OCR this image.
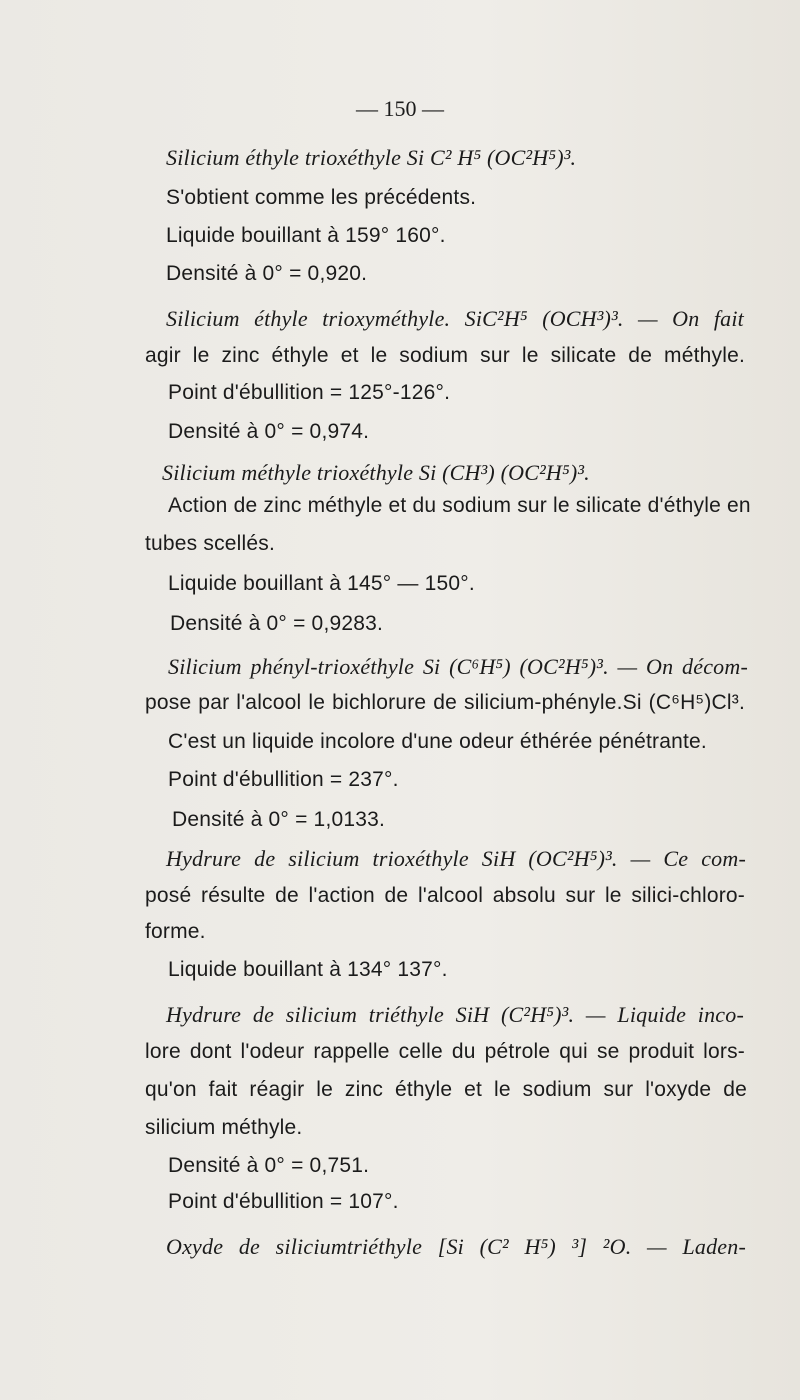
— 150 —
Silicium éthyle trioxéthyle Si C² H⁵ (OC²H⁵)³.
S'obtient comme les précédents.
Liquide bouillant à 159° 160°.
Densité à 0° = 0,920.
Silicium éthyle trioxyméthyle. SiC²H⁵ (OCH³)³. — On fait
agir le zinc éthyle et le sodium sur le silicate de méthyle.
Point d'ébullition = 125°-126°.
Densité à 0° = 0,974.
Silicium méthyle trioxéthyle Si (CH³) (OC²H⁵)³.
Action de zinc méthyle et du sodium sur le silicate d'éthyle en
tubes scellés.
Liquide bouillant à 145° — 150°.
Densité à 0° = 0,9283.
Silicium phényl-trioxéthyle Si (C⁶H⁵) (OC²H⁵)³. — On décom-
pose par l'alcool le bichlorure de silicium-phényle.Si (C⁶H⁵)Cl³.
C'est un liquide incolore d'une odeur éthérée pénétrante.
Point d'ébullition = 237°.
Densité à 0° = 1,0133.
Hydrure de silicium trioxéthyle SiH (OC²H⁵)³. — Ce com-
posé résulte de l'action de l'alcool absolu sur le silici-chloro-
forme.
Liquide bouillant à 134° 137°.
Hydrure de silicium triéthyle SiH (C²H⁵)³. — Liquide inco-
lore dont l'odeur rappelle celle du pétrole qui se produit lors-
qu'on fait réagir le zinc éthyle et le sodium sur l'oxyde de
silicium méthyle.
Densité à 0° = 0,751.
Point d'ébullition = 107°.
Oxyde de siliciumtriéthyle [Si (C² H⁵) ³] ²O. — Laden-
